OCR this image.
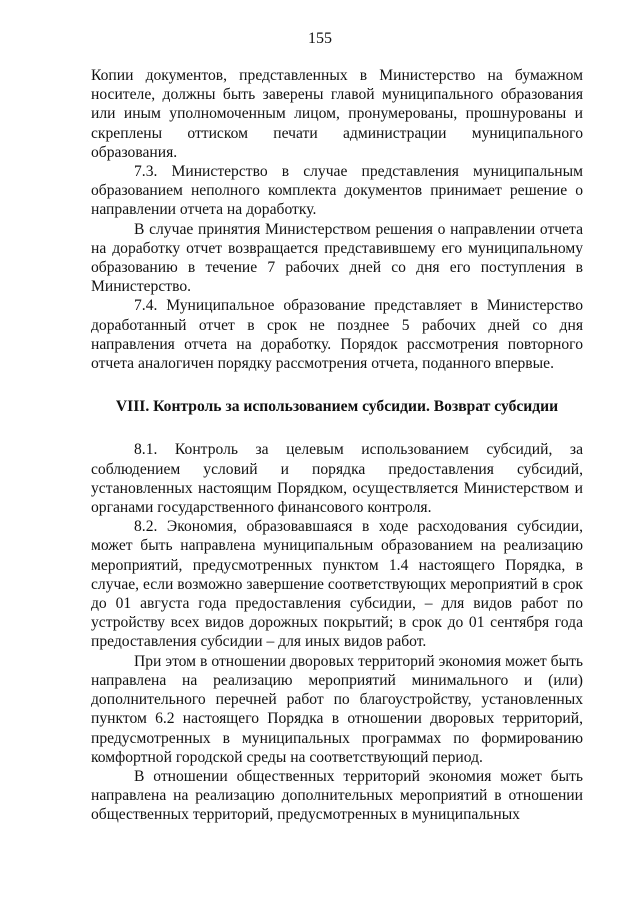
155

Копии документов, представленных в Министерство на бумажном носителе, должны быть заверены главой муниципального образования или иным уполномоченным лицом, пронумерованы, прошнурованы и скреплены оттиском печати администрации муниципального образования.

7.3. Министерство в случае представления муниципальным образованием неполного комплекта документов принимает решение о направлении отчета на доработку.

В случае принятия Министерством решения о направлении отчета на доработку отчет возвращается представившему его муниципальному образованию в течение 7 рабочих дней со дня его поступления в Министерство.

7.4. Муниципальное образование представляет в Министерство доработанный отчет в срок не позднее 5 рабочих дней со дня направления отчета на доработку. Порядок рассмотрения повторного отчета аналогичен порядку рассмотрения отчета, поданного впервые.

VIII. Контроль за использованием субсидии. Возврат субсидии

8.1. Контроль за целевым использованием субсидий, за соблюдением условий и порядка предоставления субсидий, установленных настоящим Порядком, осуществляется Министерством и органами государственного финансового контроля.

8.2. Экономия, образовавшаяся в ходе расходования субсидии, может быть направлена муниципальным образованием на реализацию мероприятий, предусмотренных пунктом 1.4 настоящего Порядка, в случае, если возможно завершение соответствующих мероприятий в срок до 01 августа года предоставления субсидии, – для видов работ по устройству всех видов дорожных покрытий; в срок до 01 сентября года предоставления субсидии – для иных видов работ.

При этом в отношении дворовых территорий экономия может быть направлена на реализацию мероприятий минимального и (или) дополнительного перечней работ по благоустройству, установленных пунктом 6.2 настоящего Порядка в отношении дворовых территорий, предусмотренных в муниципальных программах по формированию комфортной городской среды на соответствующий период.

В отношении общественных территорий экономия может быть направлена на реализацию дополнительных мероприятий в отношении общественных территорий, предусмотренных в муниципальных
